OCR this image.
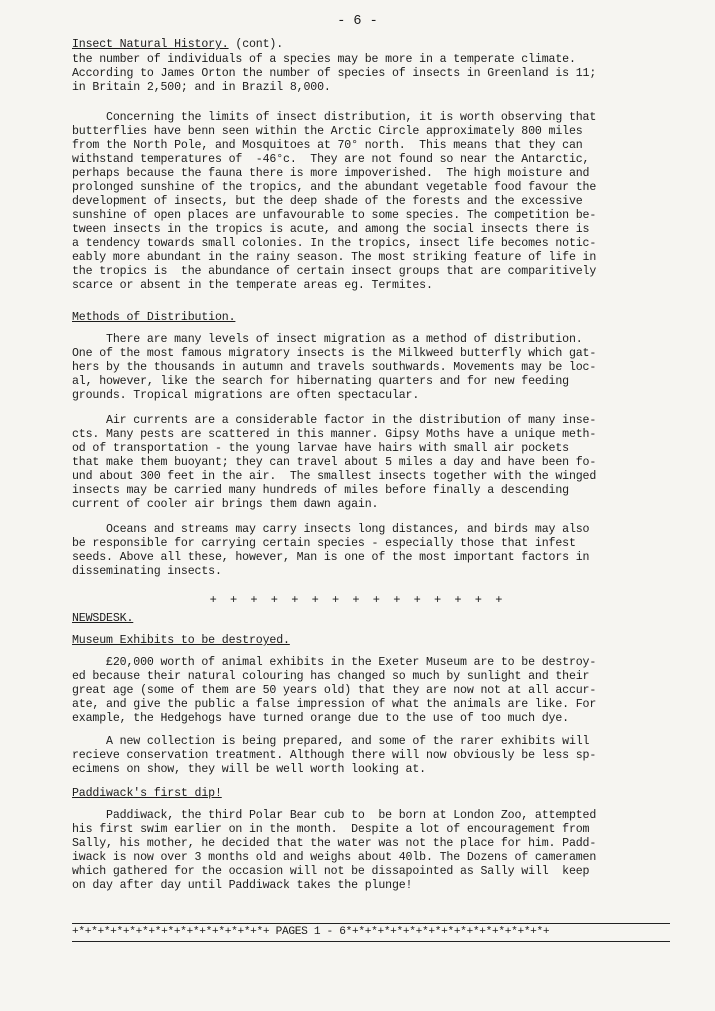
- 6 -
Insect Natural History. (cont).
the number of individuals of a species may be more in a temperate climate.
According to James Orton the number of species of insects in Greenland is 11;
in Britain 2,500; and in Brazil 8,000.
Concerning the limits of insect distribution, it is worth observing that
butterflies have benn seen within the Arctic Circle approximately 800 miles
from the North Pole, and Mosquitoes at 70° north.  This means that they can
withstand temperatures of  -46°c.  They are not found so near the Antarctic,
perhaps because the fauna there is more impoverished.  The high moisture and
prolonged sunshine of the tropics, and the abundant vegetable food favour the
development of insects, but the deep shade of the forests and the excessive
sunshine of open places are unfavourable to some species. The competition be-
tween insects in the tropics is acute, and among the social insects there is
a tendency towards small colonies. In the tropics, insect life becomes notic-
eably more abundant in the rainy season. The most striking feature of life in
the tropics is  the abundance of certain insect groups that are comparitively
scarce or absent in the temperate areas eg. Termites.
Methods of Distribution.
There are many levels of insect migration as a method of distribution.
One of the most famous migratory insects is the Milkweed butterfly which gat-
hers by the thousands in autumn and travels southwards. Movements may be loc-
al, however, like the search for hibernating quarters and for new feeding
grounds. Tropical migrations are often spectacular.
Air currents are a considerable factor in the distribution of many inse-
cts. Many pests are scattered in this manner. Gipsy Moths have a unique meth-
od of transportation - the young larvae have hairs with small air pockets
that make them buoyant; they can travel about 5 miles a day and have been fo-
und about 300 feet in the air.  The smallest insects together with the winged
insects may be carried many hundreds of miles before finally a descending
current of cooler air brings them dawn again.
Oceans and streams may carry insects long distances, and birds may also
be responsible for carrying certain species - especially those that infest
seeds. Above all these, however, Man is one of the most important factors in
disseminating insects.
+ + + + + + + + + + + + + + +
NEWSDESK.
Museum Exhibits to be destroyed.
£20,000 worth of animal exhibits in the Exeter Museum are to be destroy-
ed because their natural colouring has changed so much by sunlight and their
great age (some of them are 50 years old) that they are now not at all accur-
ate, and give the public a false impression of what the animals are like. For
example, the Hedgehogs have turned orange due to the use of too much dye.
A new collection is being prepared, and some of the rarer exhibits will
recieve conservation treatment. Although there will now obviously be less sp-
ecimens on show, they will be well worth looking at.
Paddiwack's first dip!
Paddiwack, the third Polar Bear cub to  be born at London Zoo, attempted
his first swim earlier on in the month.  Despite a lot of encouragement from
Sally, his mother, he decided that the water was not the place for him. Padd-
iwack is now over 3 months old and weighs about 40lb. The Dozens of cameramen
which gathered for the occasion will not be dissapointed as Sally will  keep
on day after day until Paddiwack takes the plunge!
+*+*+*+*+*+*+*+*+*+*+*+*+*+*+*+ PAGES 1 - 6*+*+*+*+*+*+*+*+*+*+*+*+*+*+*+*+
